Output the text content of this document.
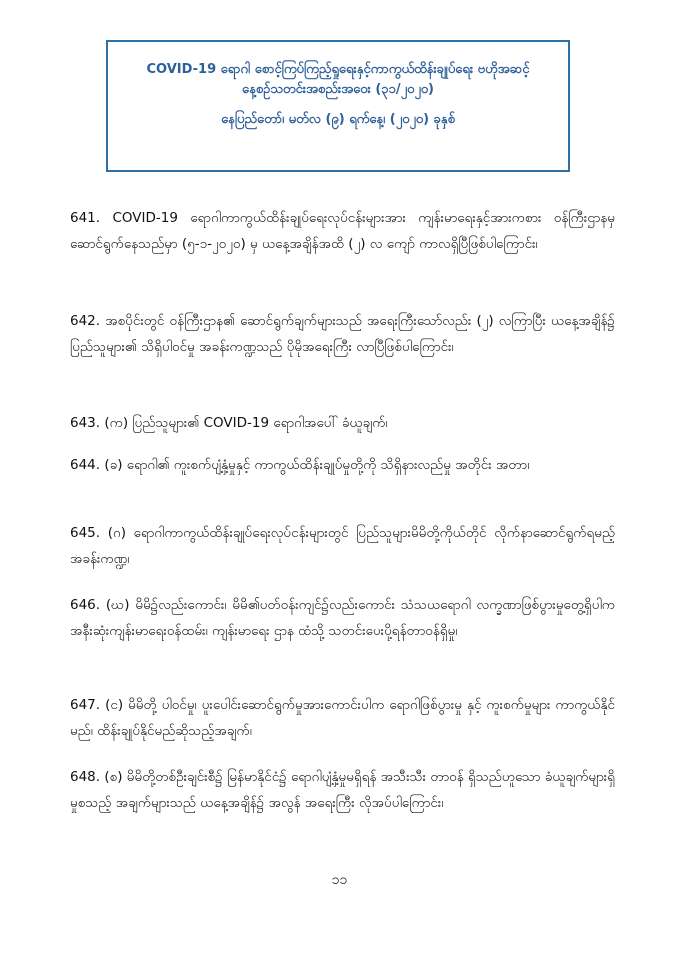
COVID-19 ရောဂါ စောင့်ကြပ်ကြည့်ရှုရေးနှင့်ကာကွယ်ထိန်းချုပ်ရေး ဗဟိုအဆင့်
နေ့စဉ်သတင်းအစည်းအဝေး (၃၁/၂၀၂၀)
နေပြည်တော်၊ မတ်လ (၉) ရက်နေ့၊ (၂၀၂၀) ခုနှစ်
641. COVID-19 ရောဂါကာကွယ်ထိန်းချုပ်ရေးလုပ်ငန်းများအား ကျန်းမာရေးနှင့်အားကစား ဝန်ကြီးဌာနမှ ဆောင်ရွက်နေသည်မှာ (၅-၁-၂၀၂၀) မှ ယနေ့အချိန်အထိ (၂) လ ကျော် ကာလရှိပြီဖြစ်ပါကြောင်း၊
642. အစပိုင်းတွင် ဝန်ကြီးဌာန၏ ဆောင်ရွက်ချက်များသည် အရေးကြီးသော်လည်း (၂) လကြာပြီး ယနေ့အချိန်၌ ပြည်သူများ၏ သိရှိပါဝင်မှု အခန်းကဏ္ဍသည် ပိုမိုအရေးကြီး လာပြီဖြစ်ပါကြောင်း၊
643. (က) ပြည်သူများ၏ COVID-19 ရောဂါအပေါ် ခံယူချက်၊
644. (ခ) ရောဂါ၏ ကူးစက်ပျံ့နှံ့မှုနှင့် ကာကွယ်ထိန်းချုပ်မှုတို့ကို သိရှိနားလည်မှု အတိုင်း အတာ၊
645. (ဂ) ရောဂါကာကွယ်ထိန်းချုပ်ရေးလုပ်ငန်းများတွင် ပြည်သူများမိမိတို့ကိုယ်တိုင် လိုက်နာဆောင်ရွက်ရမည့် အခန်းကဏ္ဍ၊
646. (ဃ) မိမိ၌လည်းကောင်း၊ မိမိ၏ပတ်ဝန်းကျင်၌လည်းကောင်း သံသယရောဂါ လက္ခဏာဖြစ်ပွားမှုတွေ့ရှိပါက အနီးဆုံးကျန်းမာရေးဝန်ထမ်း၊ ကျန်းမာရေး ဌာန ထံသို့ သတင်းပေးပို့ရန်တာဝန်ရှိမှု၊
647. (င) မိမိတို့ ပါဝင်မှု၊ ပူးပေါင်းဆောင်ရွက်မှုအားကောင်းပါက ရောဂါဖြစ်ပွားမှု နှင့် ကူးစက်မှုများ ကာကွယ်နိုင်မည်၊ ထိန်းချုပ်နိုင်မည်ဆိုသည့်အချက်၊
648. (စ) မိမိတို့တစ်ဦးချင်းစီ၌ မြန်မာနိုင်ငံ၌ ရောဂါပျံ့နှံ့မှုမရှိရန် အသီးသီး တာဝန် ရှိသည်ဟူသော ခံယူချက်များရှိမှုစသည့် အချက်များသည် ယနေ့အချိန်၌ အလွန် အရေးကြီး လိုအပ်ပါကြောင်း၊
၁၁
